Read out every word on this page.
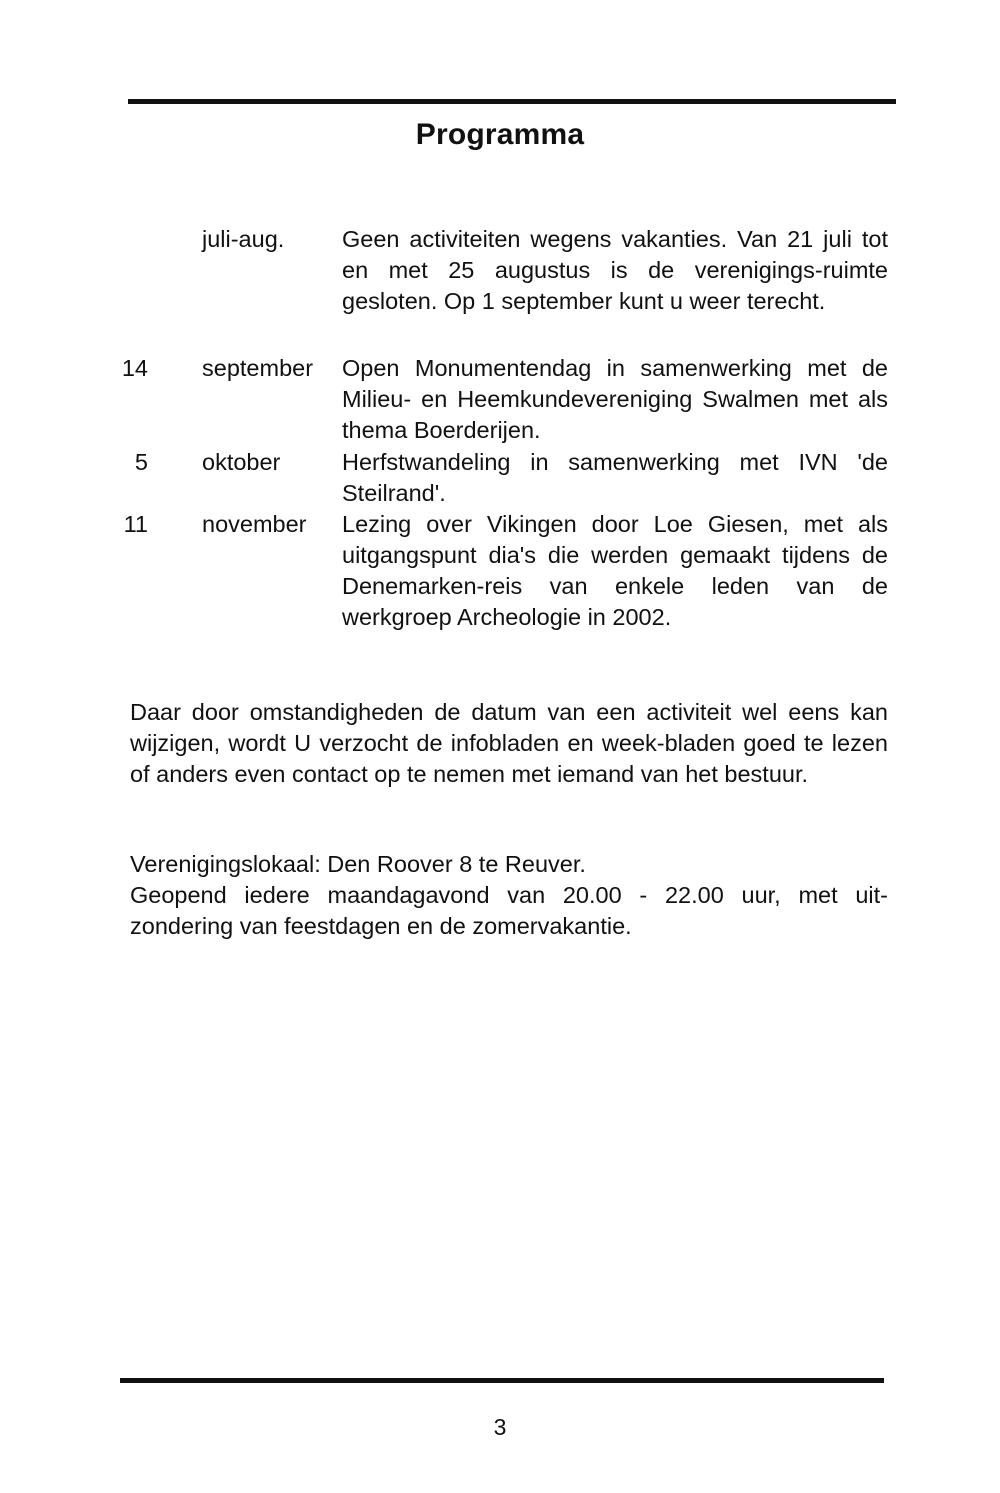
Programma
juli-aug. Geen activiteiten wegens vakanties. Van 21 juli tot en met 25 augustus is de verenigings-ruimte gesloten. Op 1 september kunt u weer terecht.
14 september Open Monumentendag in samenwerking met de Milieu- en Heemkundevereniging Swalmen met als thema Boerderijen.
5 oktober	Herfstwandeling in samenwerking met IVN 'de Steilrand'.
11 november Lezing over Vikingen door Loe Giesen, met als uitgangspunt dia's die werden gemaakt tijdens de Denemarken-reis van enkele leden van de werkgroep Archeologie in 2002.

Daar door omstandigheden de datum van een activiteit wel eens kan wijzigen, wordt U verzocht de infobladen en week-bladen goed te lezen of anders even contact op te nemen met iemand van het bestuur.

Verenigingslokaal: Den Roover 8 te Reuver.

Geopend iedere maandagavond van 20.00 - 22.00 uur, met uit-zondering van feestdagen en de zomervakantie.

3
